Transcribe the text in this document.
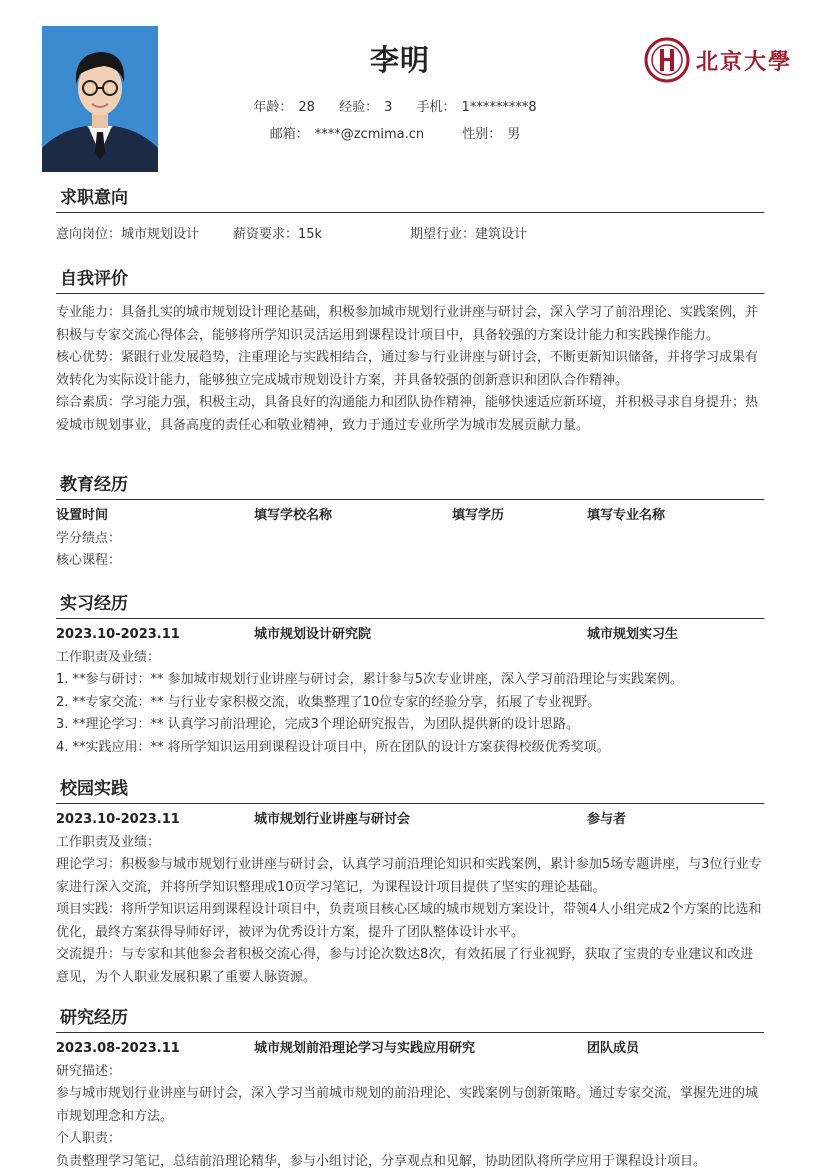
李明
年龄： 28 经验： 3 手机： 1*********8
邮箱： ****@zcmima.cn	性别： 男
北京大學
求职意向
意向岗位：城市规划设计	薪资要求：15k	期望行业：建筑设计
自我评价
专业能力：具备扎实的城市规划设计理论基础，积极参加城市规划行业讲座与研讨会，深入学习了前沿理论、实践案例，并积极与专家交流心得体会，能够将所学知识灵活运用到课程设计项目中，具备较强的方案设计能力和实践操作能力。
核心优势：紧跟行业发展趋势，注重理论与实践相结合，通过参与行业讲座与研讨会，不断更新知识储备，并将学习成果有效转化为实际设计能力，能够独立完成城市规划设计方案，并具备较强的创新意识和团队合作精神。
综合素质：学习能力强，积极主动，具备良好的沟通能力和团队协作精神，能够快速适应新环境，并积极寻求自身提升；热爱城市规划事业，具备高度的责任心和敬业精神，致力于通过专业所学为城市发展贡献力量。
教育经历
设置时间	填写学校名称	填写学历	填写专业名称
学分绩点：
核心课程：
实习经历
2023.10-2023.11	城市规划设计研究院	城市规划实习生
工作职责及业绩：
1. **参与研讨：** 参加城市规划行业讲座与研讨会，累计参与5次专业讲座，深入学习前沿理论与实践案例。
2. **专家交流：** 与行业专家积极交流，收集整理了10位专家的经验分享，拓展了专业视野。
3. **理论学习：** 认真学习前沿理论，完成3个理论研究报告，为团队提供新的设计思路。
4. **实践应用：** 将所学知识运用到课程设计项目中，所在团队的设计方案获得校级优秀奖项。
校园实践
2023.10-2023.11	城市规划行业讲座与研讨会	参与者
工作职责及业绩：
理论学习：积极参与城市规划行业讲座与研讨会，认真学习前沿理论知识和实践案例，累计参加5场专题讲座，与3位行业专家进行深入交流，并将所学知识整理成10页学习笔记，为课程设计项目提供了坚实的理论基础。
项目实践：将所学知识运用到课程设计项目中，负责项目核心区域的城市规划方案设计，带领4人小组完成2个方案的比选和优化，最终方案获得导师好评，被评为优秀设计方案，提升了团队整体设计水平。
交流提升：与专家和其他参会者积极交流心得，参与讨论次数达8次，有效拓展了行业视野，获取了宝贵的专业建议和改进意见，为个人职业发展积累了重要人脉资源。
研究经历
2023.08-2023.11	城市规划前沿理论学习与实践应用研究	团队成员
研究描述：
参与城市规划行业讲座与研讨会，深入学习当前城市规划的前沿理论、实践案例与创新策略。通过专家交流，掌握先进的城市规划理念和方法。
个人职责：
负责整理学习笔记，总结前沿理论精华，参与小组讨论，分享观点和见解，协助团队将所学应用于课程设计项目。
